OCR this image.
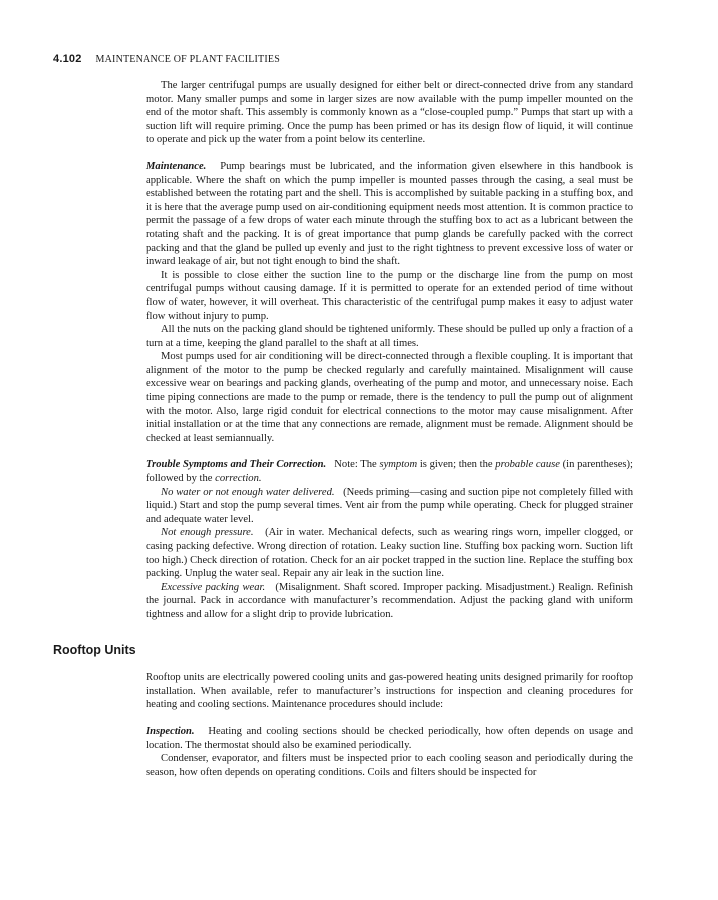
4.102 MAINTENANCE OF PLANT FACILITIES

The larger centrifugal pumps are usually designed for either belt or direct-connected drive from any standard motor. Many smaller pumps and some in larger sizes are now available with the pump impeller mounted on the end of the motor shaft. This assembly is commonly known as a “close-coupled pump.” Pumps that start up with a suction lift will require priming. Once the pump has been primed or has its design flow of liquid, it will continue to operate and pick up the water from a point below its centerline.

Maintenance. Pump bearings must be lubricated, and the information given elsewhere in this handbook is applicable. Where the shaft on which the pump impeller is mounted passes through the casing, a seal must be established between the rotating part and the shell. This is accomplished by suitable packing in a stuffing box, and it is here that the average pump used on air-conditioning equipment needs most attention. It is common practice to permit the passage of a few drops of water each minute through the stuffing box to act as a lubricant between the rotating shaft and the packing. It is of great importance that pump glands be carefully packed with the correct packing and that the gland be pulled up evenly and just to the right tightness to prevent excessive loss of water or inward leakage of air, but not tight enough to bind the shaft.

It is possible to close either the suction line to the pump or the discharge line from the pump on most centrifugal pumps without causing damage. If it is permitted to operate for an extended period of time without flow of water, however, it will overheat. This characteristic of the centrifugal pump makes it easy to adjust water flow without injury to pump.

All the nuts on the packing gland should be tightened uniformly. These should be pulled up only a fraction of a turn at a time, keeping the gland parallel to the shaft at all times.

Most pumps used for air conditioning will be direct-connected through a flexible coupling. It is important that alignment of the motor to the pump be checked regularly and carefully maintained. Misalignment will cause excessive wear on bearings and packing glands, overheating of the pump and motor, and unnecessary noise. Each time piping connections are made to the pump or remade, there is the tendency to pull the pump out of alignment with the motor. Also, large rigid conduit for electrical connections to the motor may cause misalignment. After initial installation or at the time that any connections are remade, alignment must be remade. Alignment should be checked at least semiannually.

Trouble Symptoms and Their Correction. Note: The symptom is given; then the probable cause (in parentheses); followed by the correction.

No water or not enough water delivered. (Needs priming—casing and suction pipe not completely filled with liquid.) Start and stop the pump several times. Vent air from the pump while operating. Check for plugged strainer and adequate water level.

Not enough pressure. (Air in water. Mechanical defects, such as wearing rings worn, impeller clogged, or casing packing defective. Wrong direction of rotation. Leaky suction line. Stuffing box packing worn. Suction lift too high.) Check direction of rotation. Check for an air pocket trapped in the suction line. Replace the stuffing box packing. Unplug the water seal. Repair any air leak in the suction line.

Excessive packing wear. (Misalignment. Shaft scored. Improper packing. Misadjustment.) Realign. Refinish the journal. Pack in accordance with manufacturer’s recommendation. Adjust the packing gland with uniform tightness and allow for a slight drip to provide lubrication.

Rooftop Units

Rooftop units are electrically powered cooling units and gas-powered heating units designed primarily for rooftop installation. When available, refer to manufacturer’s instructions for inspection and cleaning procedures for heating and cooling sections. Maintenance procedures should include:

Inspection. Heating and cooling sections should be checked periodically, how often depends on usage and location. The thermostat should also be examined periodically.

Condenser, evaporator, and filters must be inspected prior to each cooling season and periodically during the season, how often depends on operating conditions. Coils and filters should be inspected for
